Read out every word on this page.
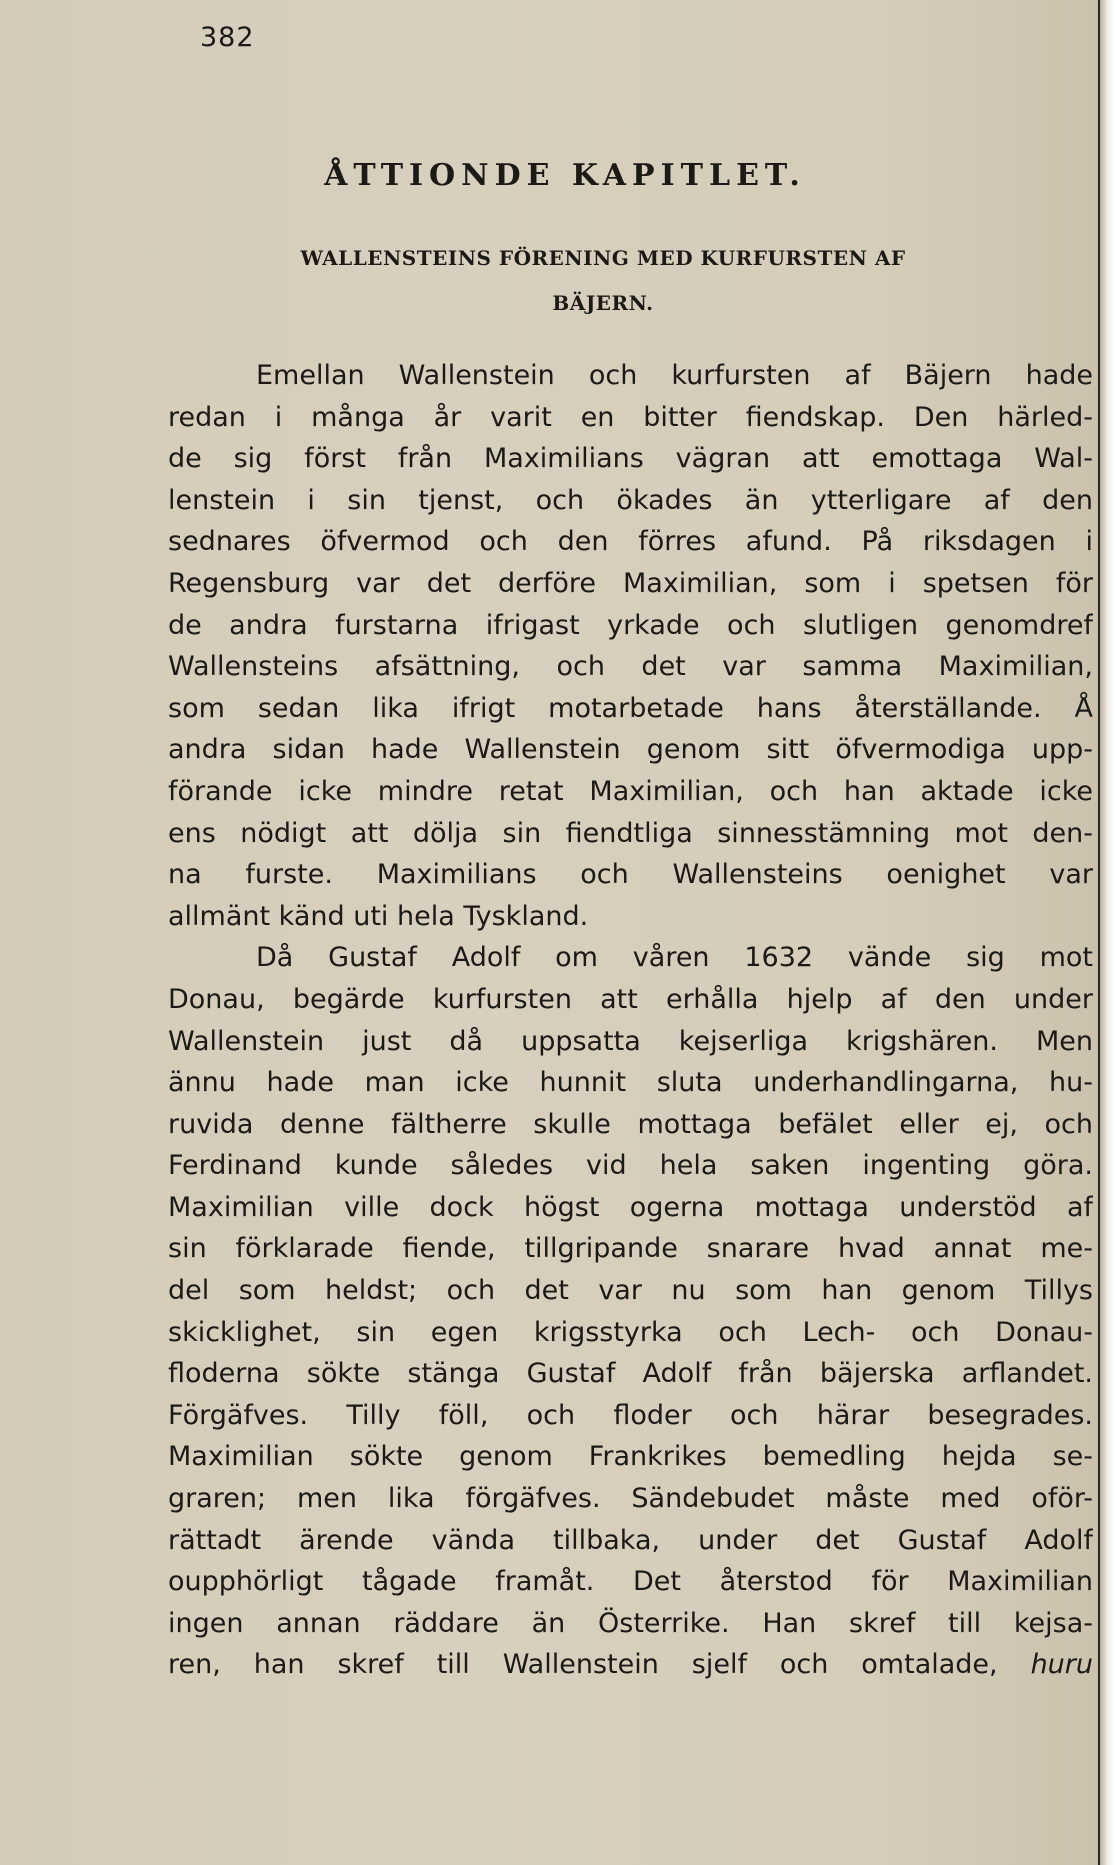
382
ÅTTIONDE KAPITLET.
WALLENSTEINS FÖRENING MED KURFURSTEN AF
BÄJERN.
Emellan Wallenstein och kurfursten af Bäjern hade
redan i många år varit en bitter fiendskap. Den härled-
de sig först från Maximilians vägran att emottaga Wal-
lenstein i sin tjenst, och ökades än ytterligare af den
sednares öfvermod och den förres afund. På riksdagen i
Regensburg var det derföre Maximilian, som i spetsen för
de andra furstarna ifrigast yrkade och slutligen genomdref
Wallensteins afsättning, och det var samma Maximilian,
som sedan lika ifrigt motarbetade hans återställande. Å
andra sidan hade Wallenstein genom sitt öfvermodiga upp-
förande icke mindre retat Maximilian, och han aktade icke
ens nödigt att dölja sin fiendtliga sinnesstämning mot den-
na furste. Maximilians och Wallensteins oenighet var
allmänt känd uti hela Tyskland.
Då Gustaf Adolf om våren 1632 vände sig mot
Donau, begärde kurfursten att erhålla hjelp af den under
Wallenstein just då uppsatta kejserliga krigshären. Men
ännu hade man icke hunnit sluta underhandlingarna, hu-
ruvida denne fältherre skulle mottaga befälet eller ej, och
Ferdinand kunde således vid hela saken ingenting göra.
Maximilian ville dock högst ogerna mottaga understöd af
sin förklarade fiende, tillgripande snarare hvad annat me-
del som heldst; och det var nu som han genom Tillys
skicklighet, sin egen krigsstyrka och Lech- och Donau-
floderna sökte stänga Gustaf Adolf från bäjerska arflandet.
Förgäfves. Tilly föll, och floder och härar besegrades.
Maximilian sökte genom Frankrikes bemedling hejda se-
graren; men lika förgäfves. Sändebudet måste med oför-
rättadt ärende vända tillbaka, under det Gustaf Adolf
oupphörligt tågade framåt. Det återstod för Maximilian
ingen annan räddare än Österrike. Han skref till kejsa-
ren, han skref till Wallenstein sjelf och omtalade, huru
